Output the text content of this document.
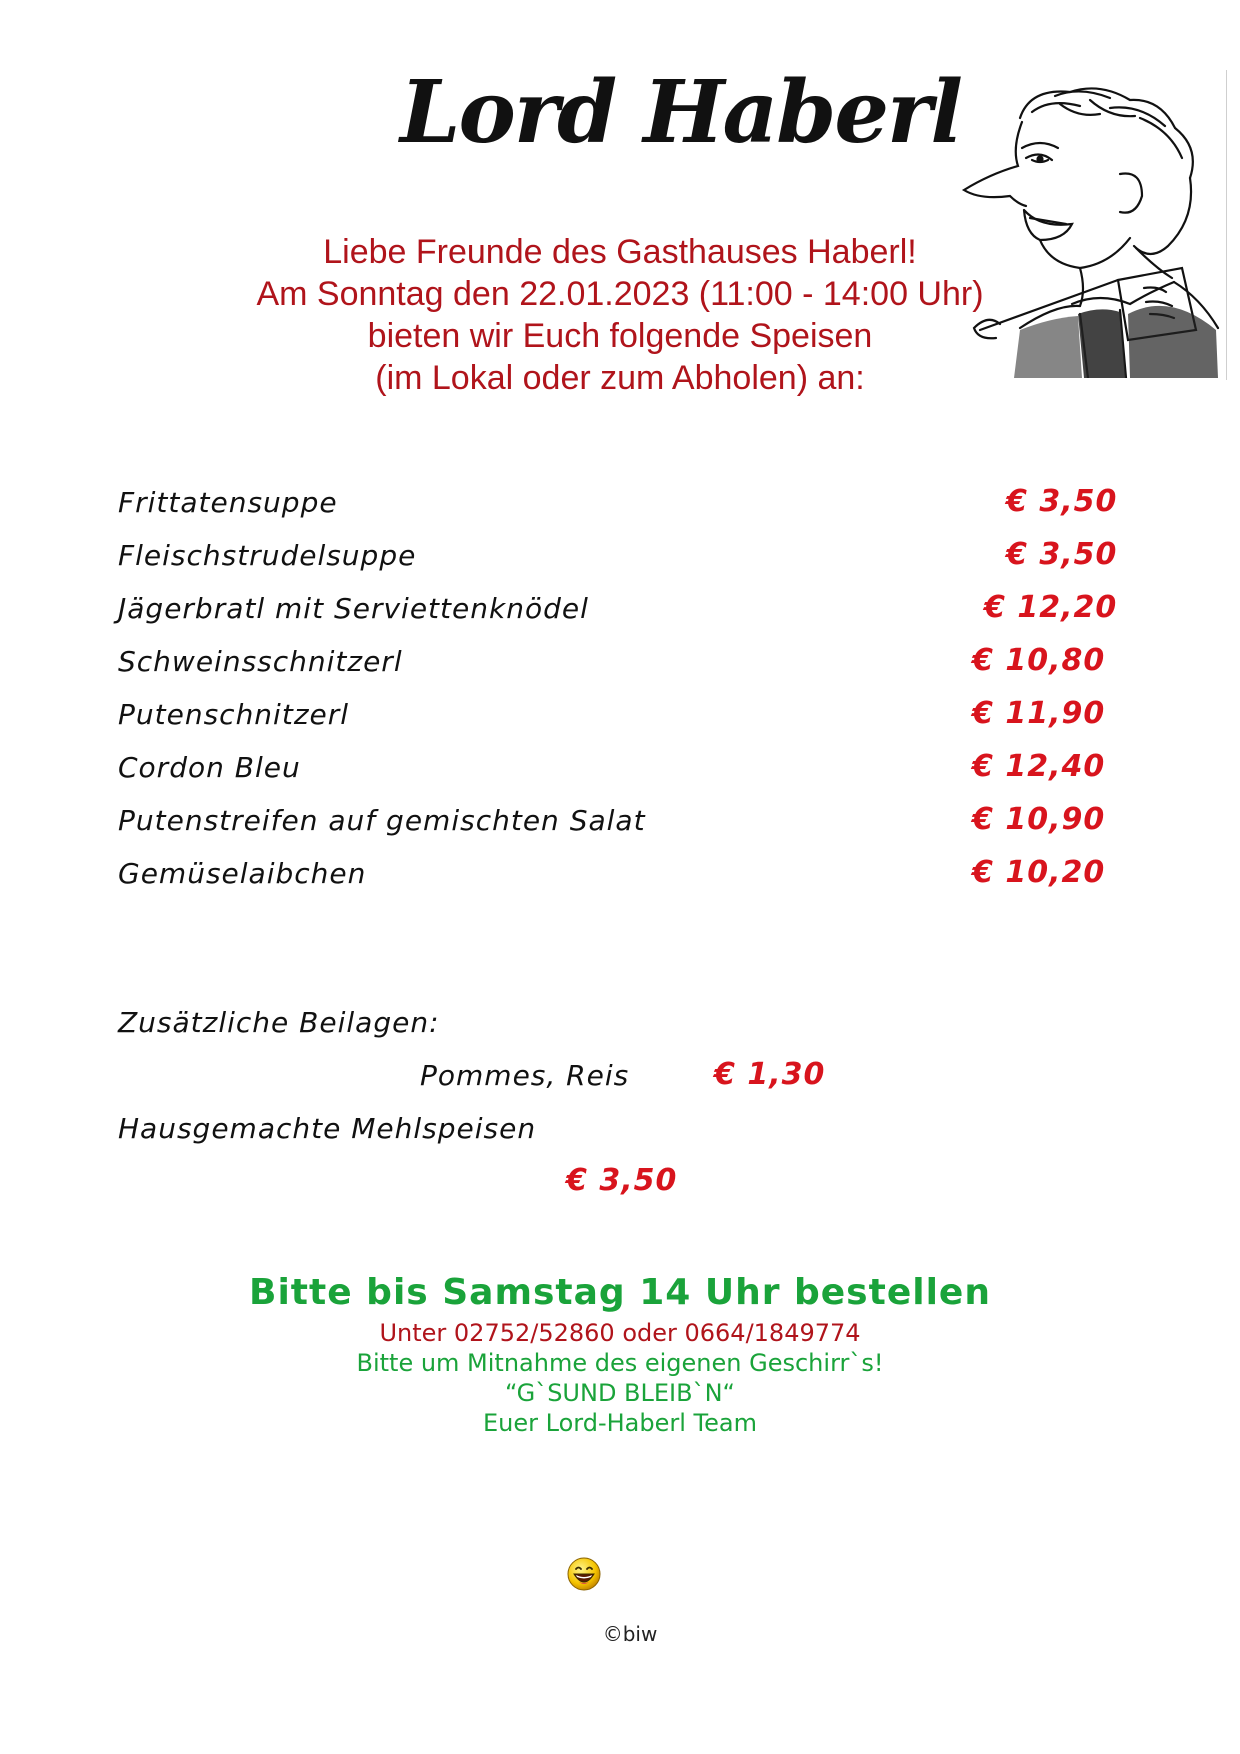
Lord Haberl
Liebe Freunde des Gasthauses Haberl!
Am Sonntag den 22.01.2023 (11:00 - 14:00 Uhr)
bieten wir Euch folgende Speisen
(im Lokal oder zum Abholen) an:
Frittatensuppe	€ 3,50
Fleischstrudelsuppe	€ 3,50
Jägerbratl mit Serviettenknödel	€ 12,20
Schweinsschnitzerl	€ 10,80
Putenschnitzerl	€ 11,90
Cordon Bleu	€ 12,40
Putenstreifen auf gemischten Salat	€ 10,90
Gemüselaibchen	€ 10,20
Zusätzliche Beilagen:
Pommes, Reis	€ 1,30
Hausgemachte Mehlspeisen
€ 3,50
Bitte bis Samstag 14 Uhr bestellen
Unter 02752/52860 oder 0664/1849774
Bitte um Mitnahme des eigenen Geschirr`s!
“G`SUND BLEIB`N“
Euer Lord-Haberl Team
©biw
